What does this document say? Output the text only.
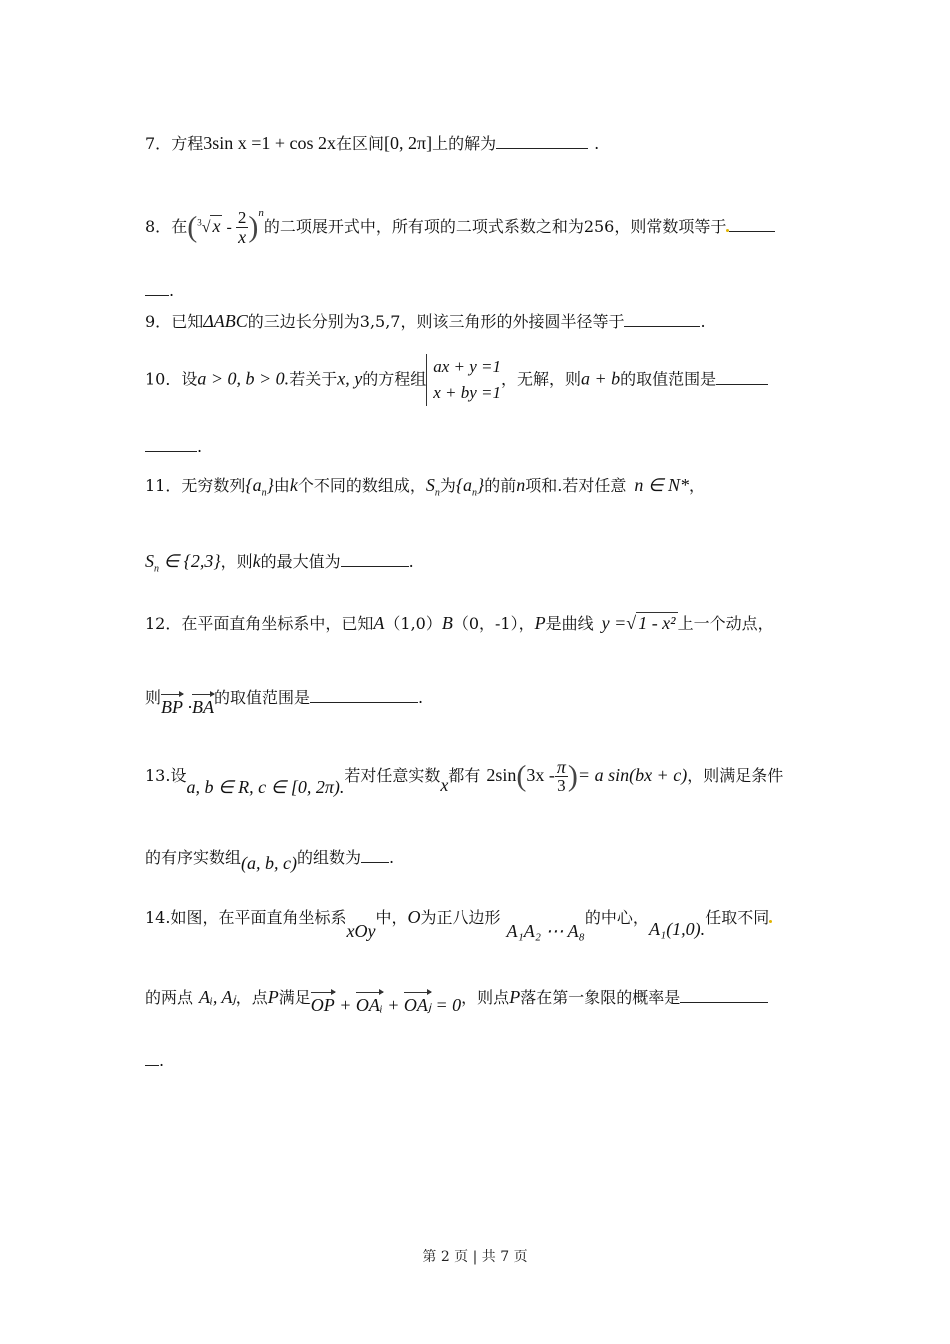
7．方程3sin x =1 + cos 2x在区间[0, 2π]上的解为	.
8．在($^3$√ x - $\frac{2}{x} )^n$的二项展开式中，所有项的二项式系数之和为256，则常数项等于
.
9．已知ΔABC的三边长分别为3,5,7，则该三角形的外接圆半径等于	.
10．设a > 0, b > 0.若关于x, y的方程组
ax + y =1
x + by =1
，无解，则a + b的取值范围是
.
11．无穷数列$\{a_n\}$由k个不同的数组成，$S_n$为$\{a_n\}$的前n项和.若对任意 n ∈ N*，
$S_n$ ∈ {2,3}，则k的最大值为	.
12．在平面直角坐标系中，已知A（1,0）B（0，-1），P是曲线 y =√ 1 - x² 上一个动点，
则BP ·BA的取值范围是	.
13.设a, b ∈ R, c ∈ [0, 2π).若对任意实数x都有 $2\sin(3x - \frac{\pi}{3}$ )= a sin(bx + c)，则满足条件
的有序实数组(a, b, c)的组数为 .
14.如图，在平面直角坐标系xOy中，O为正八边形A₁A₂ ⋯ A₈的中心，A₁(1,0).任取不同
的两点 Aᵢ, Aⱼ，点P满足OP + OAᵢ + OAⱼ = 0，则点P落在第一象限的概率是
.
第 2 页 | 共 7 页
